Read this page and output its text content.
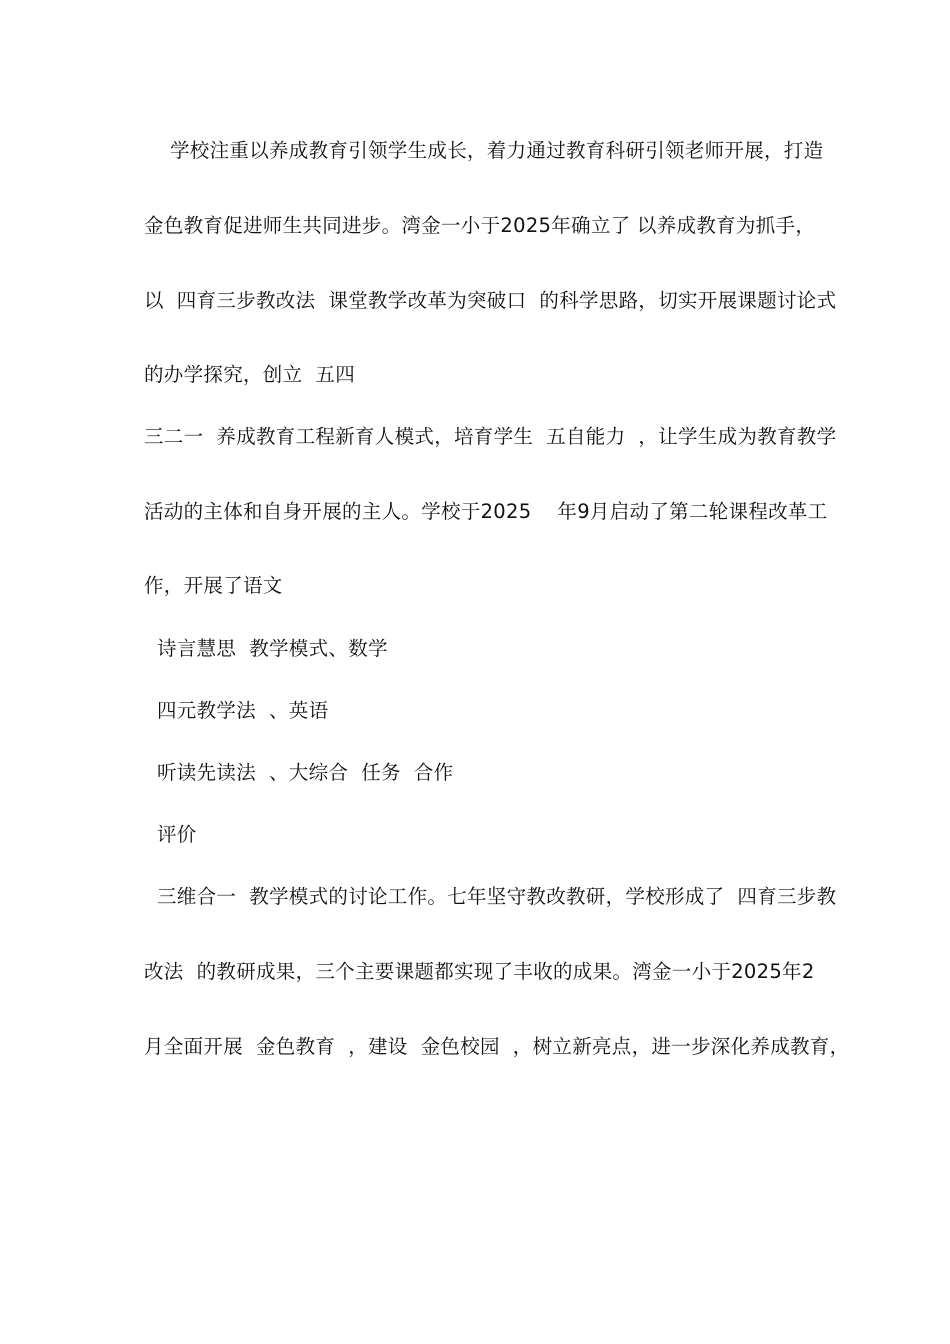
学校注重以养成教育引领学生成长，着力通过教育科研引领老师开展，打造
金色教育促进师生共同进步。湾金一小于2025年确立了 以养成教育为抓手，
以  四育三步教改法  课堂教学改革为突破口  的科学思路，切实开展课题讨论式
的办学探究，创立  五四
三二一  养成教育工程新育人模式，培育学生  五自能力  ，让学生成为教育教学
活动的主体和自身开展的主人。学校于2025    年9月启动了第二轮课程改革工
作，开展了语文
诗言慧思  教学模式、数学
四元教学法  、英语
听读先读法  、大综合  任务  合作
评价
三维合一  教学模式的讨论工作。七年坚守教改教研，学校形成了  四育三步教
改法  的教研成果，三个主要课题都实现了丰收的成果。湾金一小于2025年2
月全面开展  金色教育  ，建设  金色校园  ，树立新亮点，进一步深化养成教育，
